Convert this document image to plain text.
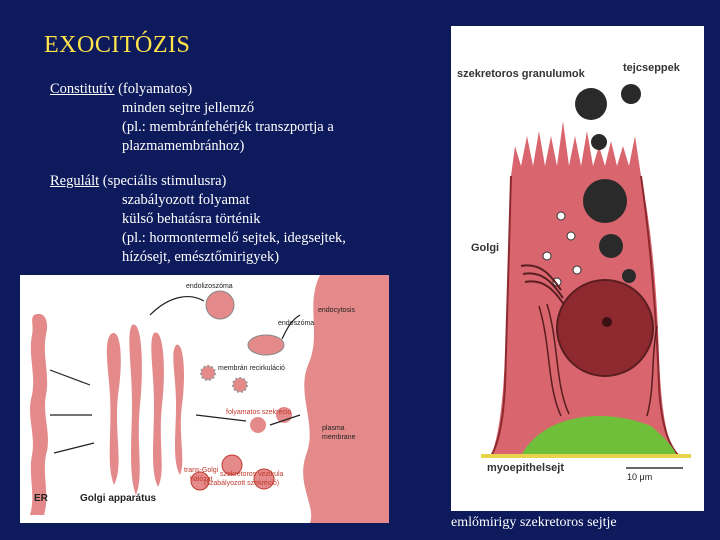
EXOCITÓZIS
Constitutív (folyamatos)
minden sejtre jellemző
(pl.: membránfehérjék transzportja a
plazmamembránhoz)
Regulált (speciális stimulusra)
szabályozott folyamat
külső behatásra történik
(pl.: hormontermelő sejtek, idegsejtek,
hízósejt, emésztőmirigyek)
endolizoszóma
endocytosis
endoszóma
membrán recirkuláció
folyamatos szekréció
plasma
membrane
trans-Golgi
hálózat
szekretoros vezikula
(szabályozott szekréció)
ER	Golgi apparátus
szekretoros granulumok	tejcseppek
Golgi
myoepithelsejt
10 μm
emlőmirigy szekretoros sejtje
